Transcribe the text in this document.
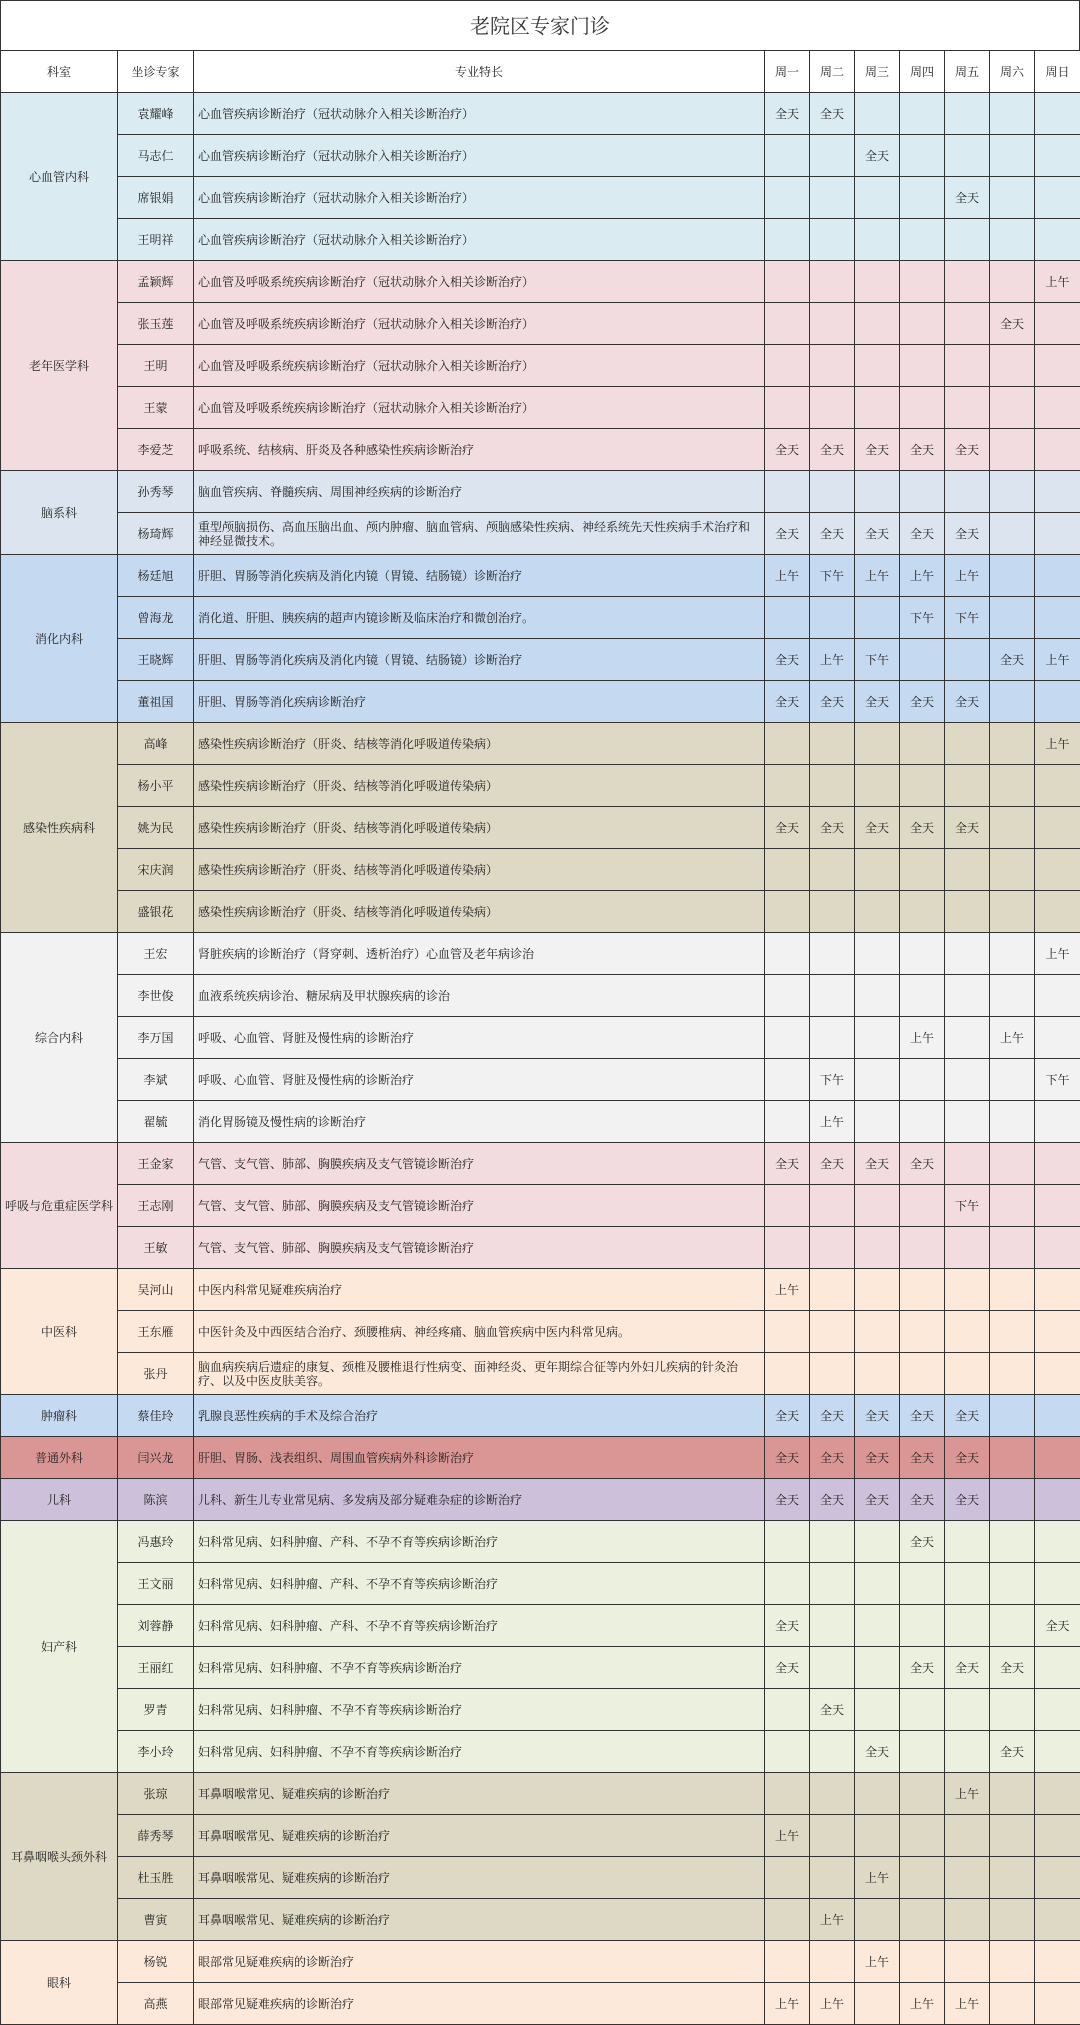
老院区专家门诊
科室	坐诊专家	专业特长	周一	周二	周三	周四	周五	周六	周日
心血管内科	袁耀峰	心血管疾病诊断治疗（冠状动脉介入相关诊断治疗）	全天	全天					
	马志仁	心血管疾病诊断治疗（冠状动脉介入相关诊断治疗）			全天				
	席银娟	心血管疾病诊断治疗（冠状动脉介入相关诊断治疗）					全天		
	王明祥	心血管疾病诊断治疗（冠状动脉介入相关诊断治疗）							
老年医学科	孟颖辉	心血管及呼吸系统疾病诊断治疗（冠状动脉介入相关诊断治疗）							上午
	张玉莲	心血管及呼吸系统疾病诊断治疗（冠状动脉介入相关诊断治疗）						全天	
	王明	心血管及呼吸系统疾病诊断治疗（冠状动脉介入相关诊断治疗）							
	王蒙	心血管及呼吸系统疾病诊断治疗（冠状动脉介入相关诊断治疗）							
	李爱芝	呼吸系统、结核病、肝炎及各种感染性疾病诊断治疗	全天	全天	全天	全天	全天		
脑系科	孙秀琴	脑血管疾病、脊髓疾病、周围神经疾病的诊断治疗							
	杨琦辉	重型颅脑损伤、高血压脑出血、颅内肿瘤、脑血管病、颅脑感染性疾病、神经系统先天性疾病手术治疗和神经显微技术。	全天	全天	全天	全天	全天		
消化内科	杨廷旭	肝胆、胃肠等消化疾病及消化内镜（胃镜、结肠镜）诊断治疗	上午	下午	上午	上午	上午		
	曾海龙	消化道、肝胆、胰疾病的超声内镜诊断及临床治疗和微创治疗。				下午	下午		
	王晓辉	肝胆、胃肠等消化疾病及消化内镜（胃镜、结肠镜）诊断治疗	全天	上午	下午			全天	上午
	董祖国	肝胆、胃肠等消化疾病诊断治疗	全天	全天	全天	全天	全天		
感染性疾病科	高峰	感染性疾病诊断治疗（肝炎、结核等消化呼吸道传染病）							上午
	杨小平	感染性疾病诊断治疗（肝炎、结核等消化呼吸道传染病）							
	姚为民	感染性疾病诊断治疗（肝炎、结核等消化呼吸道传染病）	全天	全天	全天	全天	全天		
	宋庆润	感染性疾病诊断治疗（肝炎、结核等消化呼吸道传染病）							
	盛银花	感染性疾病诊断治疗（肝炎、结核等消化呼吸道传染病）							
综合内科	王宏	肾脏疾病的诊断治疗（肾穿刺、透析治疗）心血管及老年病诊治							上午
	李世俊	血液系统疾病诊治、糖尿病及甲状腺疾病的诊治							
	李万国	呼吸、心血管、肾脏及慢性病的诊断治疗				上午		上午	
	李斌	呼吸、心血管、肾脏及慢性病的诊断治疗		下午					下午
	翟毓	消化胃肠镜及慢性病的诊断治疗		上午					
呼吸与危重症医学科	王金家	气管、支气管、肺部、胸膜疾病及支气管镜诊断治疗	全天	全天	全天	全天			
	王志刚	气管、支气管、肺部、胸膜疾病及支气管镜诊断治疗					下午		
	王敏	气管、支气管、肺部、胸膜疾病及支气管镜诊断治疗							
中医科	吴河山	中医内科常见疑难疾病治疗	上午						
	王东雁	中医针灸及中西医结合治疗、颈腰椎病、神经疼痛、脑血管疾病中医内科常见病。							
	张丹	脑血病疾病后遗症的康复、颈椎及腰椎退行性病变、面神经炎、更年期综合征等内外妇儿疾病的针灸治疗、以及中医皮肤美容。							
肿瘤科	蔡佳玲	乳腺良恶性疾病的手术及综合治疗	全天	全天	全天	全天	全天		
普通外科	闫兴龙	肝胆、胃肠、浅表组织、周围血管疾病外科诊断治疗	全天	全天	全天	全天	全天		
儿科	陈滨	儿科、新生儿专业常见病、多发病及部分疑难杂症的诊断治疗	全天	全天	全天	全天	全天		
妇产科	冯惠玲	妇科常见病、妇科肿瘤、产科、不孕不育等疾病诊断治疗				全天			
	王文丽	妇科常见病、妇科肿瘤、产科、不孕不育等疾病诊断治疗							
	刘蓉静	妇科常见病、妇科肿瘤、产科、不孕不育等疾病诊断治疗	全天						全天
	王丽红	妇科常见病、妇科肿瘤、不孕不育等疾病诊断治疗	全天			全天	全天	全天	
	罗青	妇科常见病、妇科肿瘤、不孕不育等疾病诊断治疗		全天					
	李小玲	妇科常见病、妇科肿瘤、不孕不育等疾病诊断治疗			全天			全天	
耳鼻咽喉头颈外科	张琼	耳鼻咽喉常见、疑难疾病的诊断治疗					上午		
	薛秀琴	耳鼻咽喉常见、疑难疾病的诊断治疗	上午						
	杜玉胜	耳鼻咽喉常见、疑难疾病的诊断治疗			上午				
	曹寅	耳鼻咽喉常见、疑难疾病的诊断治疗		上午					
眼科	杨锐	眼部常见疑难疾病的诊断治疗			上午				
	高燕	眼部常见疑难疾病的诊断治疗	上午	上午		上午	上午		
